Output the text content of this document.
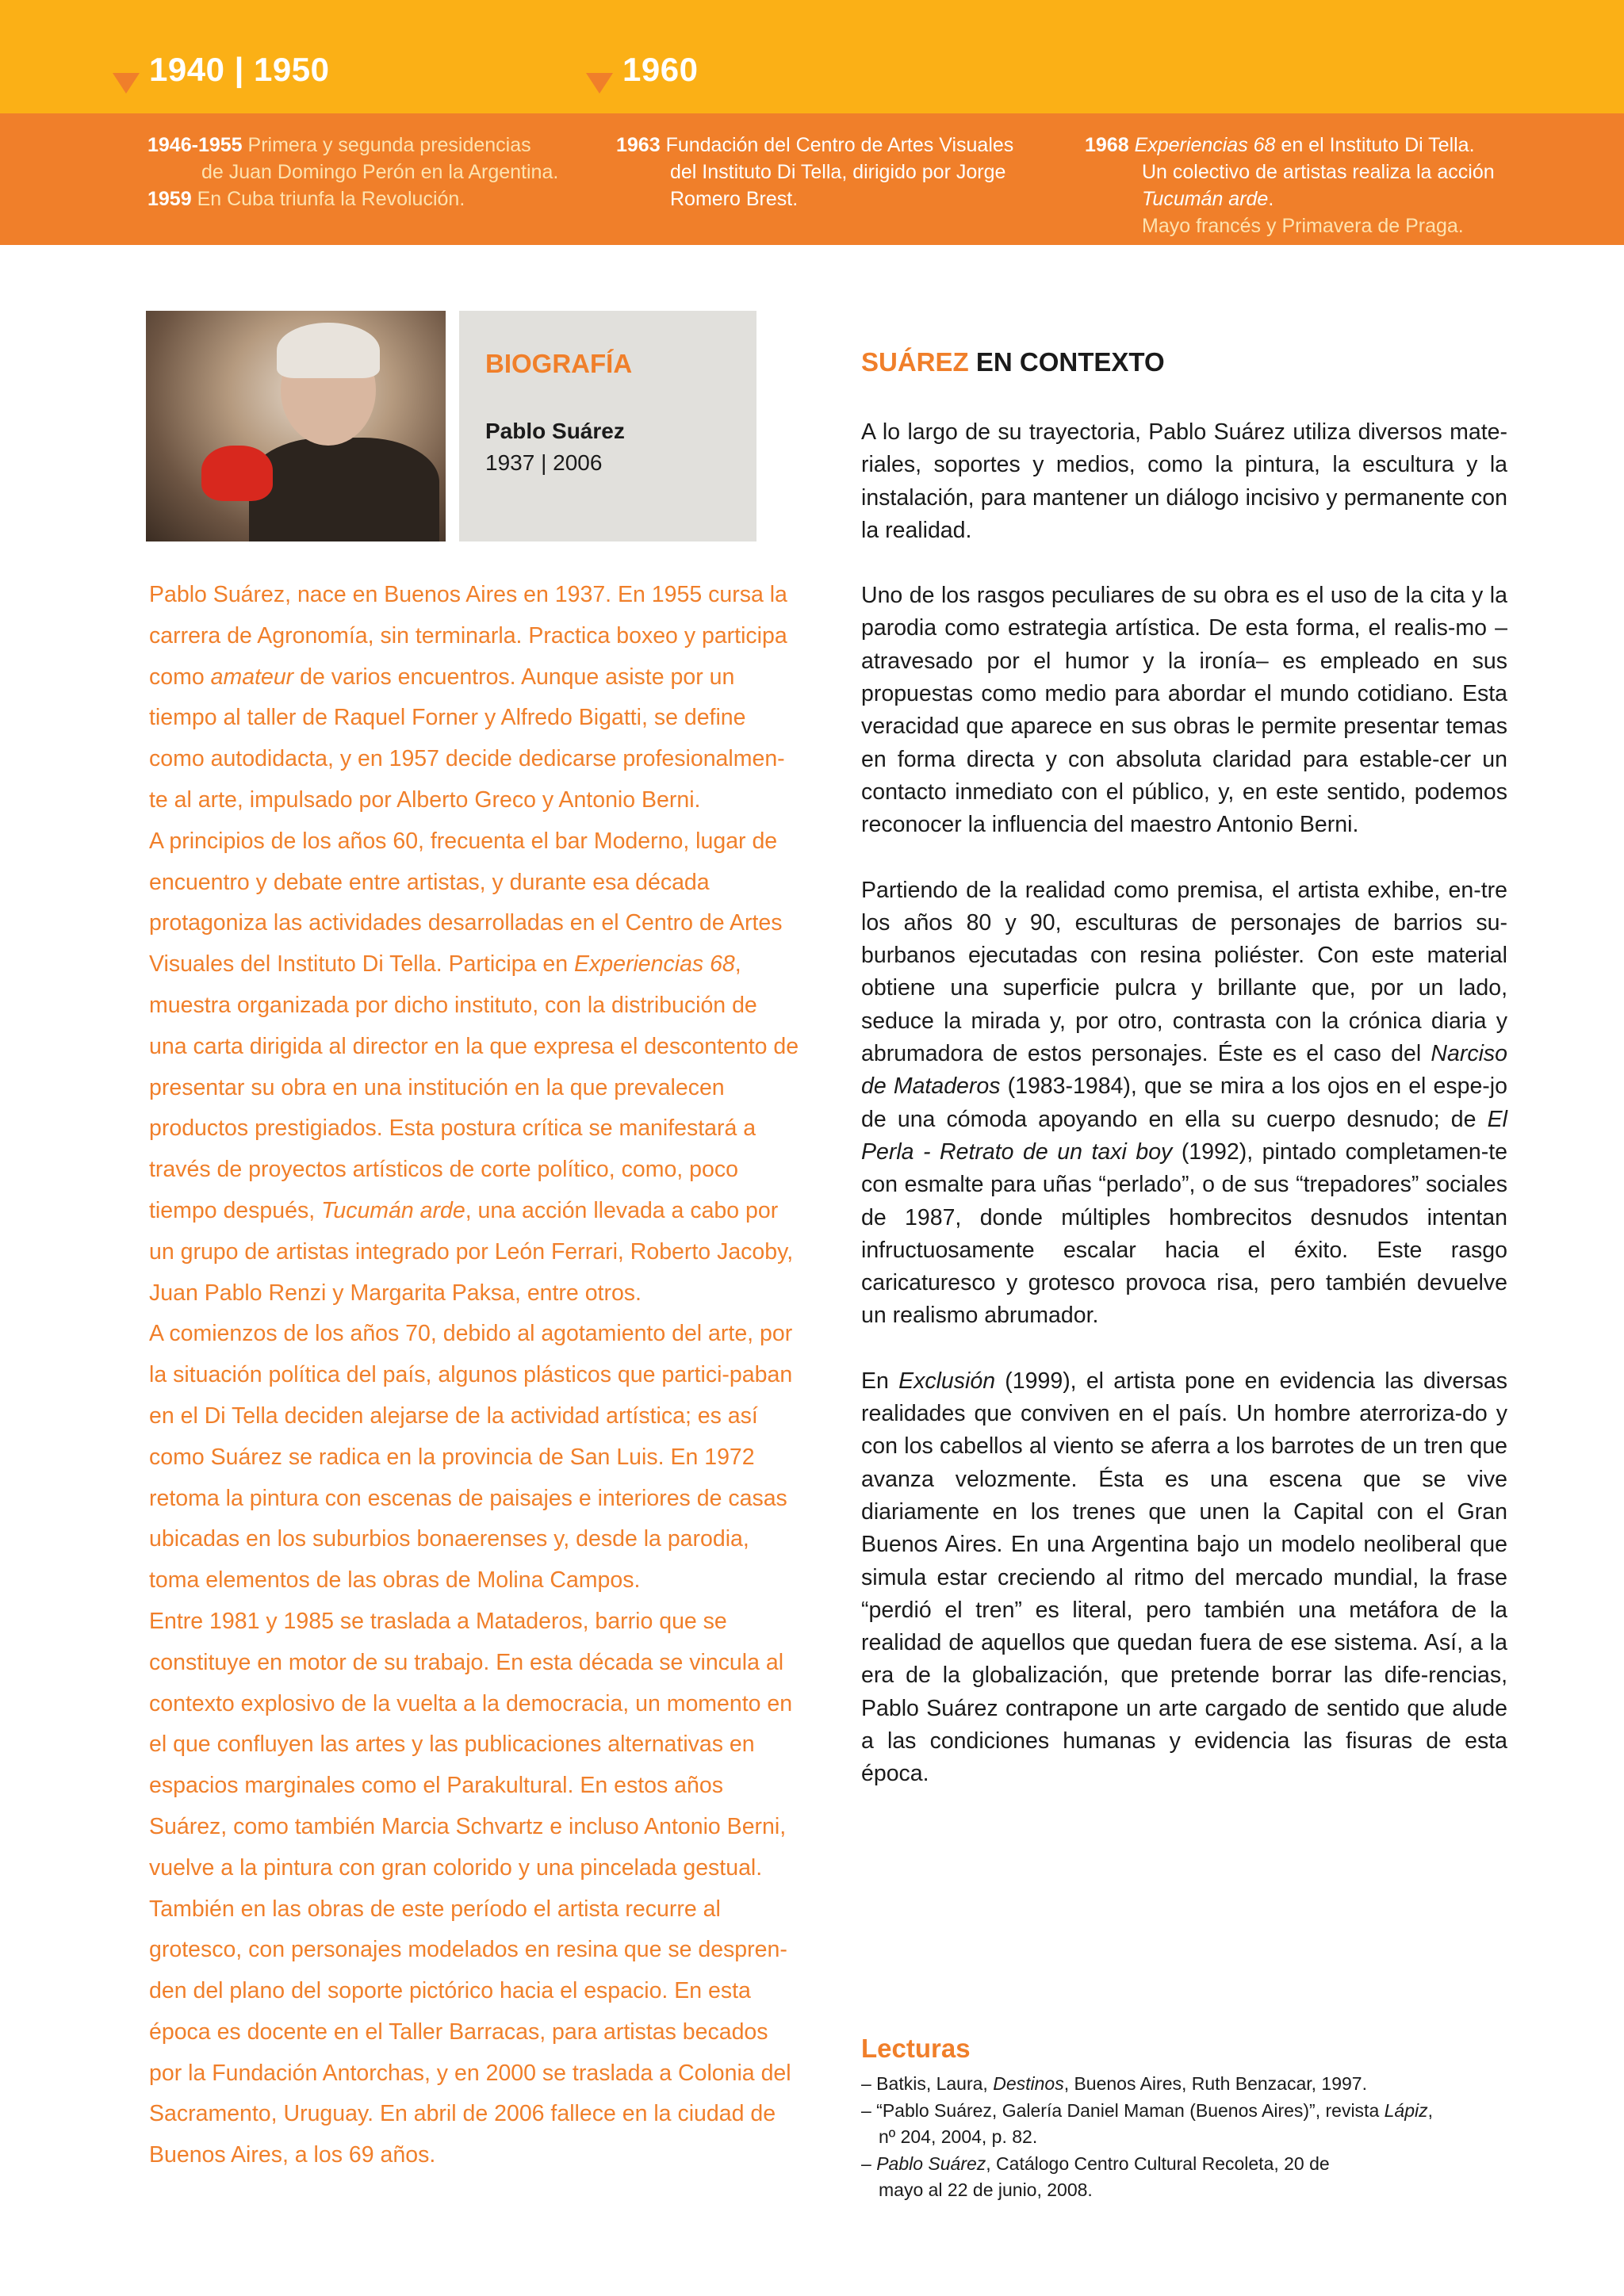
1940 | 1950	1960
1946-1955 Primera y segunda presidencias
de Juan Domingo Perón en la Argentina.
1959 En Cuba triunfa la Revolución.
1963 Fundación del Centro de Artes Visuales
del Instituto Di Tella, dirigido por Jorge
Romero Brest.
1968 Experiencias 68 en el Instituto Di Tella.
Un colectivo de artistas realiza la acción
Tucumán arde.
Mayo francés y Primavera de Praga.
BIOGRAFÍA
Pablo Suárez
1937 | 2006

Pablo Suárez, nace en Buenos Aires en 1937. En 1955 cursa la carrera de Agronomía, sin terminarla. Practica boxeo y participa como amateur de varios encuentros. Aunque asiste por un tiempo al taller de Raquel Forner y Alfredo Bigatti, se define como autodidacta, y en 1957 decide dedicarse profesionalmen-te al arte, impulsado por Alberto Greco y Antonio Berni.

A principios de los años 60, frecuenta el bar Moderno, lugar de encuentro y debate entre artistas, y durante esa década protagoniza las actividades desarrolladas en el Centro de Artes Visuales del Instituto Di Tella. Participa en Experiencias 68, muestra organizada por dicho instituto, con la distribución de una carta dirigida al director en la que expresa el descontento de presentar su obra en una institución en la que prevalecen productos prestigiados. Esta postura crítica se manifestará a través de proyectos artísticos de corte político, como, poco tiempo después, Tucumán arde, una acción llevada a cabo por un grupo de artistas integrado por León Ferrari, Roberto Jacoby, Juan Pablo Renzi y Margarita Paksa, entre otros.

A comienzos de los años 70, debido al agotamiento del arte, por la situación política del país, algunos plásticos que partici-paban en el Di Tella deciden alejarse de la actividad artística; es así como Suárez se radica en la provincia de San Luis. En 1972 retoma la pintura con escenas de paisajes e interiores de casas ubicadas en los suburbios bonaerenses y, desde la parodia, toma elementos de las obras de Molina Campos.

Entre 1981 y 1985 se traslada a Mataderos, barrio que se constituye en motor de su trabajo. En esta década se vincula al contexto explosivo de la vuelta a la democracia, un momento en el que confluyen las artes y las publicaciones alternativas en espacios marginales como el Parakultural. En estos años Suárez, como también Marcia Schvartz e incluso Antonio Berni, vuelve a la pintura con gran colorido y una pincelada gestual. También en las obras de este período el artista recurre al grotesco, con personajes modelados en resina que se despren-den del plano del soporte pictórico hacia el espacio. En esta época es docente en el Taller Barracas, para artistas becados por la Fundación Antorchas, y en 2000 se traslada a Colonia del Sacramento, Uruguay. En abril de 2006 fallece en la ciudad de Buenos Aires, a los 69 años.

SUÁREZ EN CONTEXTO

A lo largo de su trayectoria, Pablo Suárez utiliza diversos mate-riales, soportes y medios, como la pintura, la escultura y la instalación, para mantener un diálogo incisivo y permanente con la realidad.

Uno de los rasgos peculiares de su obra es el uso de la cita y la parodia como estrategia artística. De esta forma, el realis-mo –atravesado por el humor y la ironía– es empleado en sus propuestas como medio para abordar el mundo cotidiano. Esta veracidad que aparece en sus obras le permite presentar temas en forma directa y con absoluta claridad para estable-cer un contacto inmediato con el público, y, en este sentido, podemos reconocer la influencia del maestro Antonio Berni.

Partiendo de la realidad como premisa, el artista exhibe, en-tre los años 80 y 90, esculturas de personajes de barrios su-burbanos ejecutadas con resina poliéster. Con este material obtiene una superficie pulcra y brillante que, por un lado, seduce la mirada y, por otro, contrasta con la crónica diaria y abrumadora de estos personajes. Éste es el caso del Narciso de Mataderos (1983-1984), que se mira a los ojos en el espe-jo de una cómoda apoyando en ella su cuerpo desnudo; de El Perla - Retrato de un taxi boy (1992), pintado completamen-te con esmalte para uñas “perlado”, o de sus “trepadores” sociales de 1987, donde múltiples hombrecitos desnudos intentan infructuosamente escalar hacia el éxito. Este rasgo caricaturesco y grotesco provoca risa, pero también devuelve un realismo abrumador.

En Exclusión (1999), el artista pone en evidencia las diversas realidades que conviven en el país. Un hombre aterroriza-do y con los cabellos al viento se aferra a los barrotes de un tren que avanza velozmente. Ésta es una escena que se vive diariamente en los trenes que unen la Capital con el Gran Buenos Aires. En una Argentina bajo un modelo neoliberal que simula estar creciendo al ritmo del mercado mundial, la frase “perdió el tren” es literal, pero también una metáfora de la realidad de aquellos que quedan fuera de ese sistema. Así, a la era de la globalización, que pretende borrar las dife-rencias, Pablo Suárez contrapone un arte cargado de sentido que alude a las condiciones humanas y evidencia las fisuras de esta época.

Lecturas
– Batkis, Laura, Destinos, Buenos Aires, Ruth Benzacar, 1997.
– “Pablo Suárez, Galería Daniel Maman (Buenos Aires)”, revista Lápiz, nº 204, 2004, p. 82.
– Pablo Suárez, Catálogo Centro Cultural Recoleta, 20 de mayo al 22 de junio, 2008.
